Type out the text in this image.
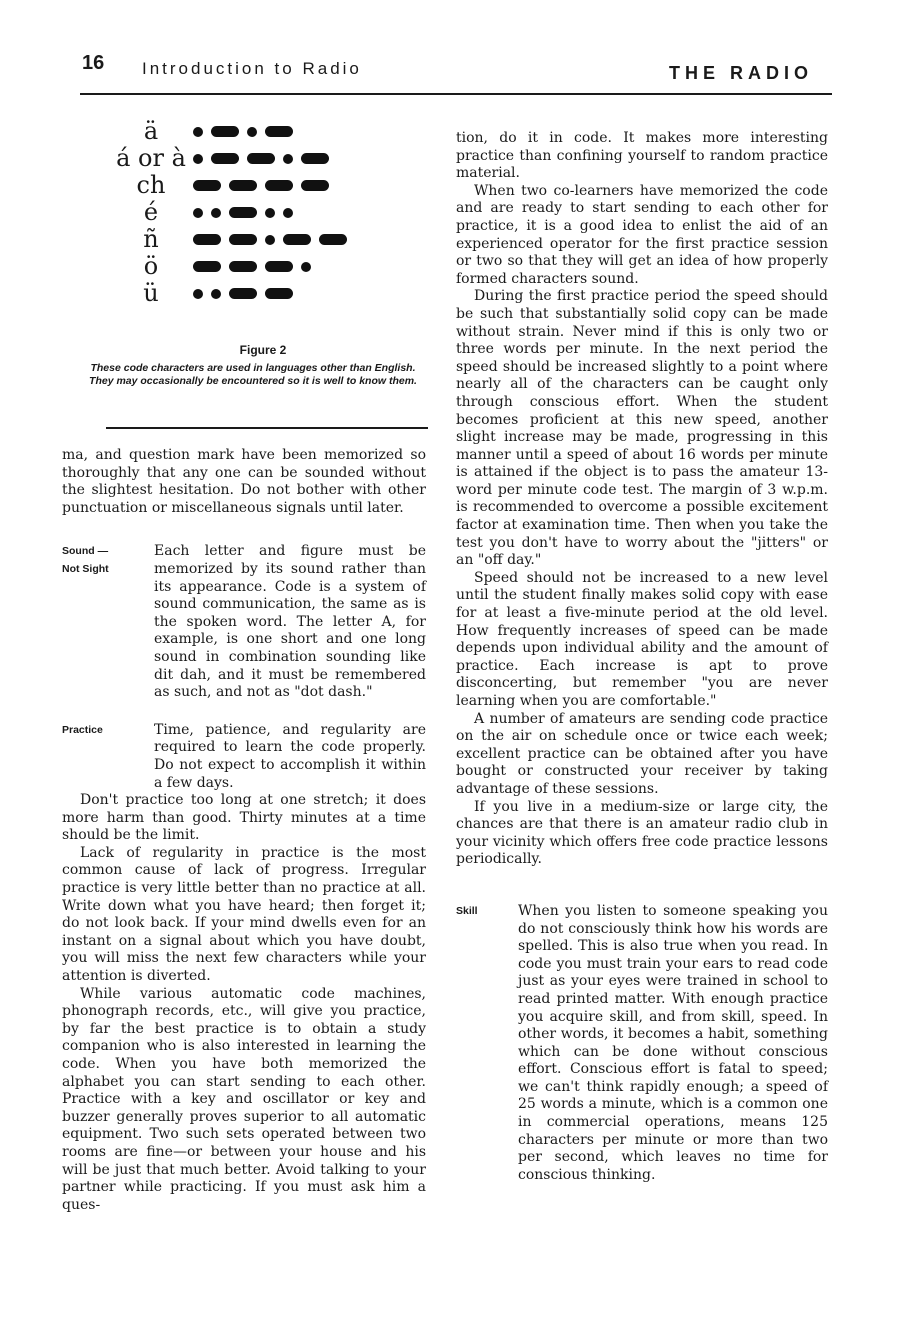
16 Introduction to Radio	THE RADIO
ä
á or à
ch
é
ñ
ö
ü
Figure 2
These code characters are used in languages other than English. They may occasionally be encountered so it is well to know them.

ma, and question mark have been memorized so thoroughly that any one can be sounded without the slightest hesitation. Do not bother with other punctuation or miscellaneous signals until later.

Sound —
Not Sight
Each letter and figure must be memorized by its sound rather than its appearance. Code is a system of sound communication, the same as is the spoken word. The letter A, for example, is one short and one long sound in combination sounding like dit dah, and it must be remembered as such, and not as "dot dash."
Practice	Time, patience, and regularity are required to learn the code properly. Do not expect to accomplish it within a few days.

Don't practice too long at one stretch; it does more harm than good. Thirty minutes at a time should be the limit.

Lack of regularity in practice is the most common cause of lack of progress. Irregular practice is very little better than no practice at all. Write down what you have heard; then forget it; do not look back. If your mind dwells even for an instant on a signal about which you have doubt, you will miss the next few characters while your attention is diverted.

While various automatic code machines, phonograph records, etc., will give you practice, by far the best practice is to obtain a study companion who is also interested in learning the code. When you have both memorized the alphabet you can start sending to each other. Practice with a key and oscillator or key and buzzer generally proves superior to all automatic equipment. Two such sets operated between two rooms are fine—or between your house and his will be just that much better. Avoid talking to your partner while practicing. If you must ask him a ques-

tion, do it in code. It makes more interesting practice than confining yourself to random practice material.

When two co-learners have memorized the code and are ready to start sending to each other for practice, it is a good idea to enlist the aid of an experienced operator for the first practice session or two so that they will get an idea of how properly formed characters sound.

During the first practice period the speed should be such that substantially solid copy can be made without strain. Never mind if this is only two or three words per minute. In the next period the speed should be increased slightly to a point where nearly all of the characters can be caught only through conscious effort. When the student becomes proficient at this new speed, another slight increase may be made, progressing in this manner until a speed of about 16 words per minute is attained if the object is to pass the amateur 13-word per minute code test. The margin of 3 w.p.m. is recommended to overcome a possible excitement factor at examination time. Then when you take the test you don't have to worry about the "jitters" or an "off day."

Speed should not be increased to a new level until the student finally makes solid copy with ease for at least a five-minute period at the old level. How frequently increases of speed can be made depends upon individual ability and the amount of practice. Each increase is apt to prove disconcerting, but remember "you are never learning when you are comfortable."

A number of amateurs are sending code practice on the air on schedule once or twice each week; excellent practice can be obtained after you have bought or constructed your receiver by taking advantage of these sessions.

If you live in a medium-size or large city, the chances are that there is an amateur radio club in your vicinity which offers free code practice lessons periodically.

Skill	When you listen to someone speaking you do not consciously think how his words are spelled. This is also true when you read. In code you must train your ears to read code just as your eyes were trained in school to read printed matter. With enough practice you acquire skill, and from skill, speed. In other words, it becomes a habit, something which can be done without conscious effort. Conscious effort is fatal to speed; we can't think rapidly enough; a speed of 25 words a minute, which is a common one in commercial operations, means 125 characters per minute or more than two per second, which leaves no time for conscious thinking.
